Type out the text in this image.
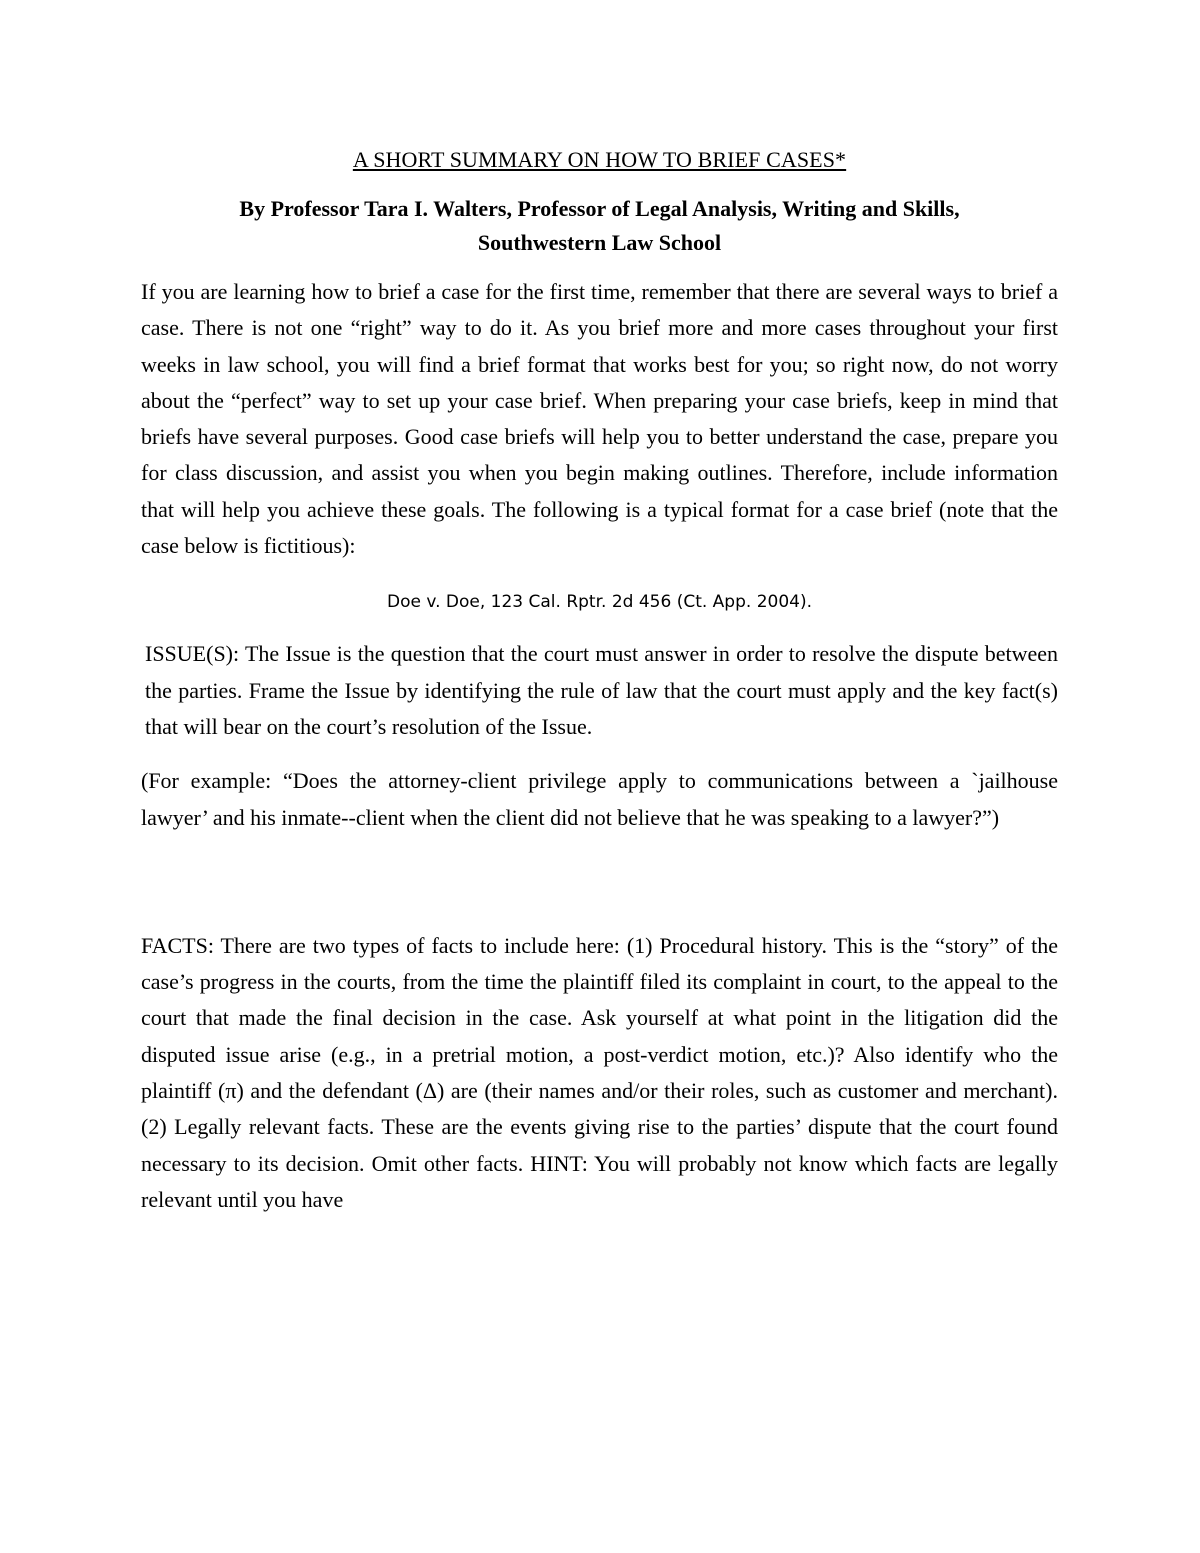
A SHORT SUMMARY ON HOW TO BRIEF CASES*
By Professor Tara I. Walters, Professor of Legal Analysis, Writing and Skills,
Southwestern Law School

If you are learning how to brief a case for the first time, remember that there are several ways to brief a case. There is not one “right” way to do it. As you brief more and more cases throughout your first weeks in law school, you will find a brief format that works best for you; so right now, do not worry about the “perfect” way to set up your case brief. When preparing your case briefs, keep in mind that briefs have several purposes. Good case briefs will help you to better understand the case, prepare you for class discussion, and assist you when you begin making outlines. Therefore, include information that will help you achieve these goals. The following is a typical format for a case brief (note that the case below is fictitious):

Doe v. Doe, 123 Cal. Rptr. 2d 456 (Ct. App. 2004).

ISSUE(S): The Issue is the question that the court must answer in order to resolve the dispute between the parties. Frame the Issue by identifying the rule of law that the court must apply and the key fact(s) that will bear on the court’s resolution of the Issue.

(For example: “Does the attorney-client privilege apply to communications between a `jailhouse lawyer’ and his inmate--client when the client did not believe that he was speaking to a lawyer?”)

FACTS: There are two types of facts to include here: (1) Procedural history. This is the “story” of the case’s progress in the courts, from the time the plaintiff filed its complaint in court, to the appeal to the court that made the final decision in the case. Ask yourself at what point in the litigation did the disputed issue arise (e.g., in a pretrial motion, a post-verdict motion, etc.)? Also identify who the plaintiff (π) and the defendant (Δ) are (their names and/or their roles, such as customer and merchant). (2) Legally relevant facts. These are the events giving rise to the parties’ dispute that the court found necessary to its decision. Omit other facts. HINT: You will probably not know which facts are legally relevant until you have
